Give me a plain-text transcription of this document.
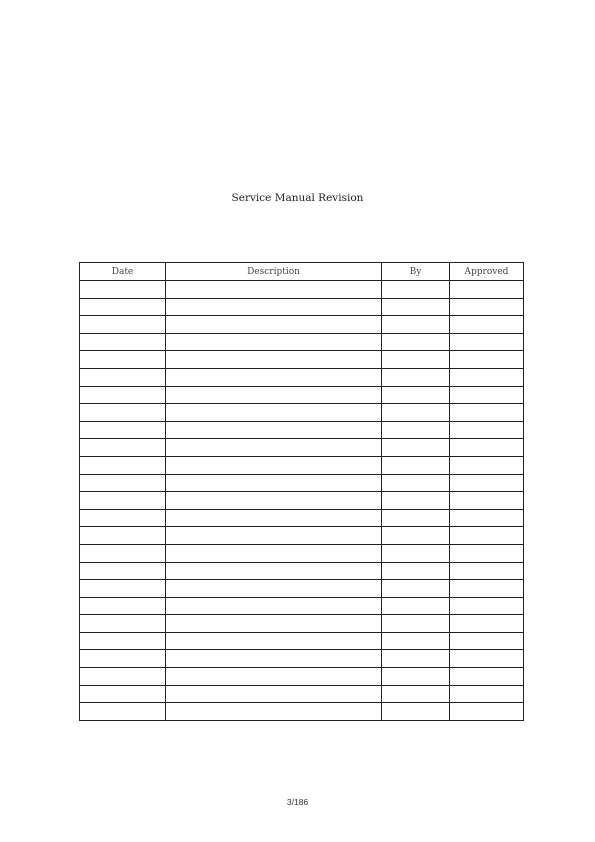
Service Manual Revision
Date	Description	By	Approved

3/186
